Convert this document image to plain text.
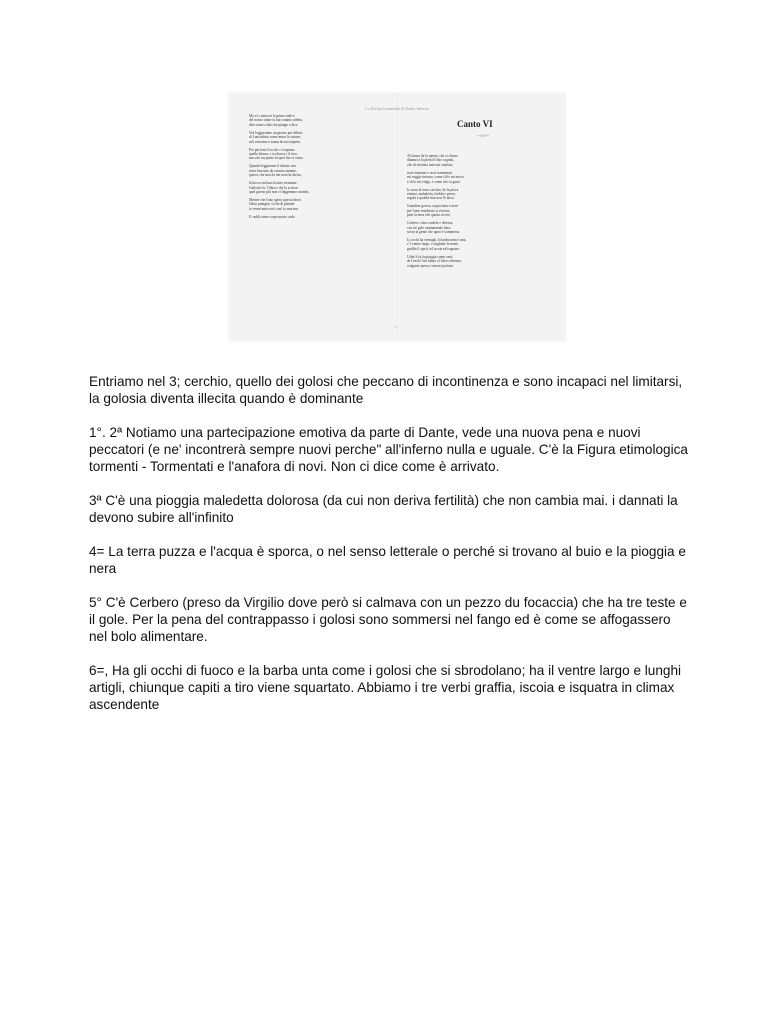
La Divina Commedia di Dante: Inferno
Ma s'a conoscer la prima radice
del nostro amor tu hai cotanto affetto,
dirò come colui che piange e dice.
Noi leggiavamo un giorno per diletto
di Lancialotto come amor lo strinse;
soli eravamo e sanza alcun sospetto.
Per più fiate li occhi ci sospinse
quella lettura, e scolorocci il viso;
ma solo un punto fu quel che ci vinse.
Quando leggemmo il disiato riso
esser basciato da cotanto amante,
questi, che mai da me non fia diviso,
la bocca mi basciò tutto tremante.
Galeotto fu 'l libro e chi lo scrisse:
quel giorno più non vi leggemmo avante».
Mentre che l'uno spirto questo disse,
l'altro piangëa; sì che di pietade
io venni men così com' io morisse.
E caddi come corpo morto cade.
Canto VI
~∞∞~
Al tornar de la mente, che si chiuse
dinanzi a la pietà d'i due cognati,
che di trestizia tutto mi confuse,
novi tormenti e novi tormentati
mi veggio intorno, come ch'io mi mova
e ch'io mi volga, e come che io guati.
Io sono al terzo cerchio, de la piova
etterna, maladetta, fredda e greve;
regola e qualità mai non l'è nova.
Grandine grossa, acqua tinta e neve
per l'aere tenebroso si riversa;
pute la terra che questo riceve.
Cerbero, fiera crudele e diversa,
con tre gole caninamente latra
sovra la gente che quivi è sommersa.
Li occhi ha vermigli, la barba unta e atra,
e 'l ventre largo, e unghiate le mani;
graffia li spirti, ed iscoia ed isquatra.
Urlar li fa la pioggia come cani;
de l'un de' lati fanno a l'altro schermo;
volgonsi spesso i miseri profani.
17

Entriamo nel 3; cerchio, quello dei golosi che peccano di incontinenza e sono incapaci nel limitarsi, la golosia diventa illecita quando è dominante

1°. 2ª Notiamo una partecipazione emotiva da parte di Dante, vede una nuova pena e nuovi peccatori (e ne' incontrerà sempre nuovi perche" all'inferno nulla e uguale. C'è la Figura etimologica tormenti - Tormentati e l'anafora di novi. Non ci dice come è arrivato.

3ª C'è una pioggia maledetta dolorosa (da cui non deriva fertilità) che non cambia mai. i dannati la devono subire all'infinito

4= La terra puzza e l'acqua è sporca, o nel senso letterale o perché si trovano al buio e la pioggia e nera

5° C'è Cerbero (preso da Virgilio dove però si calmava con un pezzo du focaccia) che ha tre teste e il gole. Per la pena del contrappasso i golosi sono sommersi nel fango ed è come se affogassero nel bolo alimentare.

6=, Ha gli occhi di fuoco e la barba unta come i golosi che si sbrodolano; ha il ventre largo e lunghi artigli, chiunque capiti a tiro viene squartato. Abbiamo i tre verbi graffia, iscoia e isquatra in climax ascendente
